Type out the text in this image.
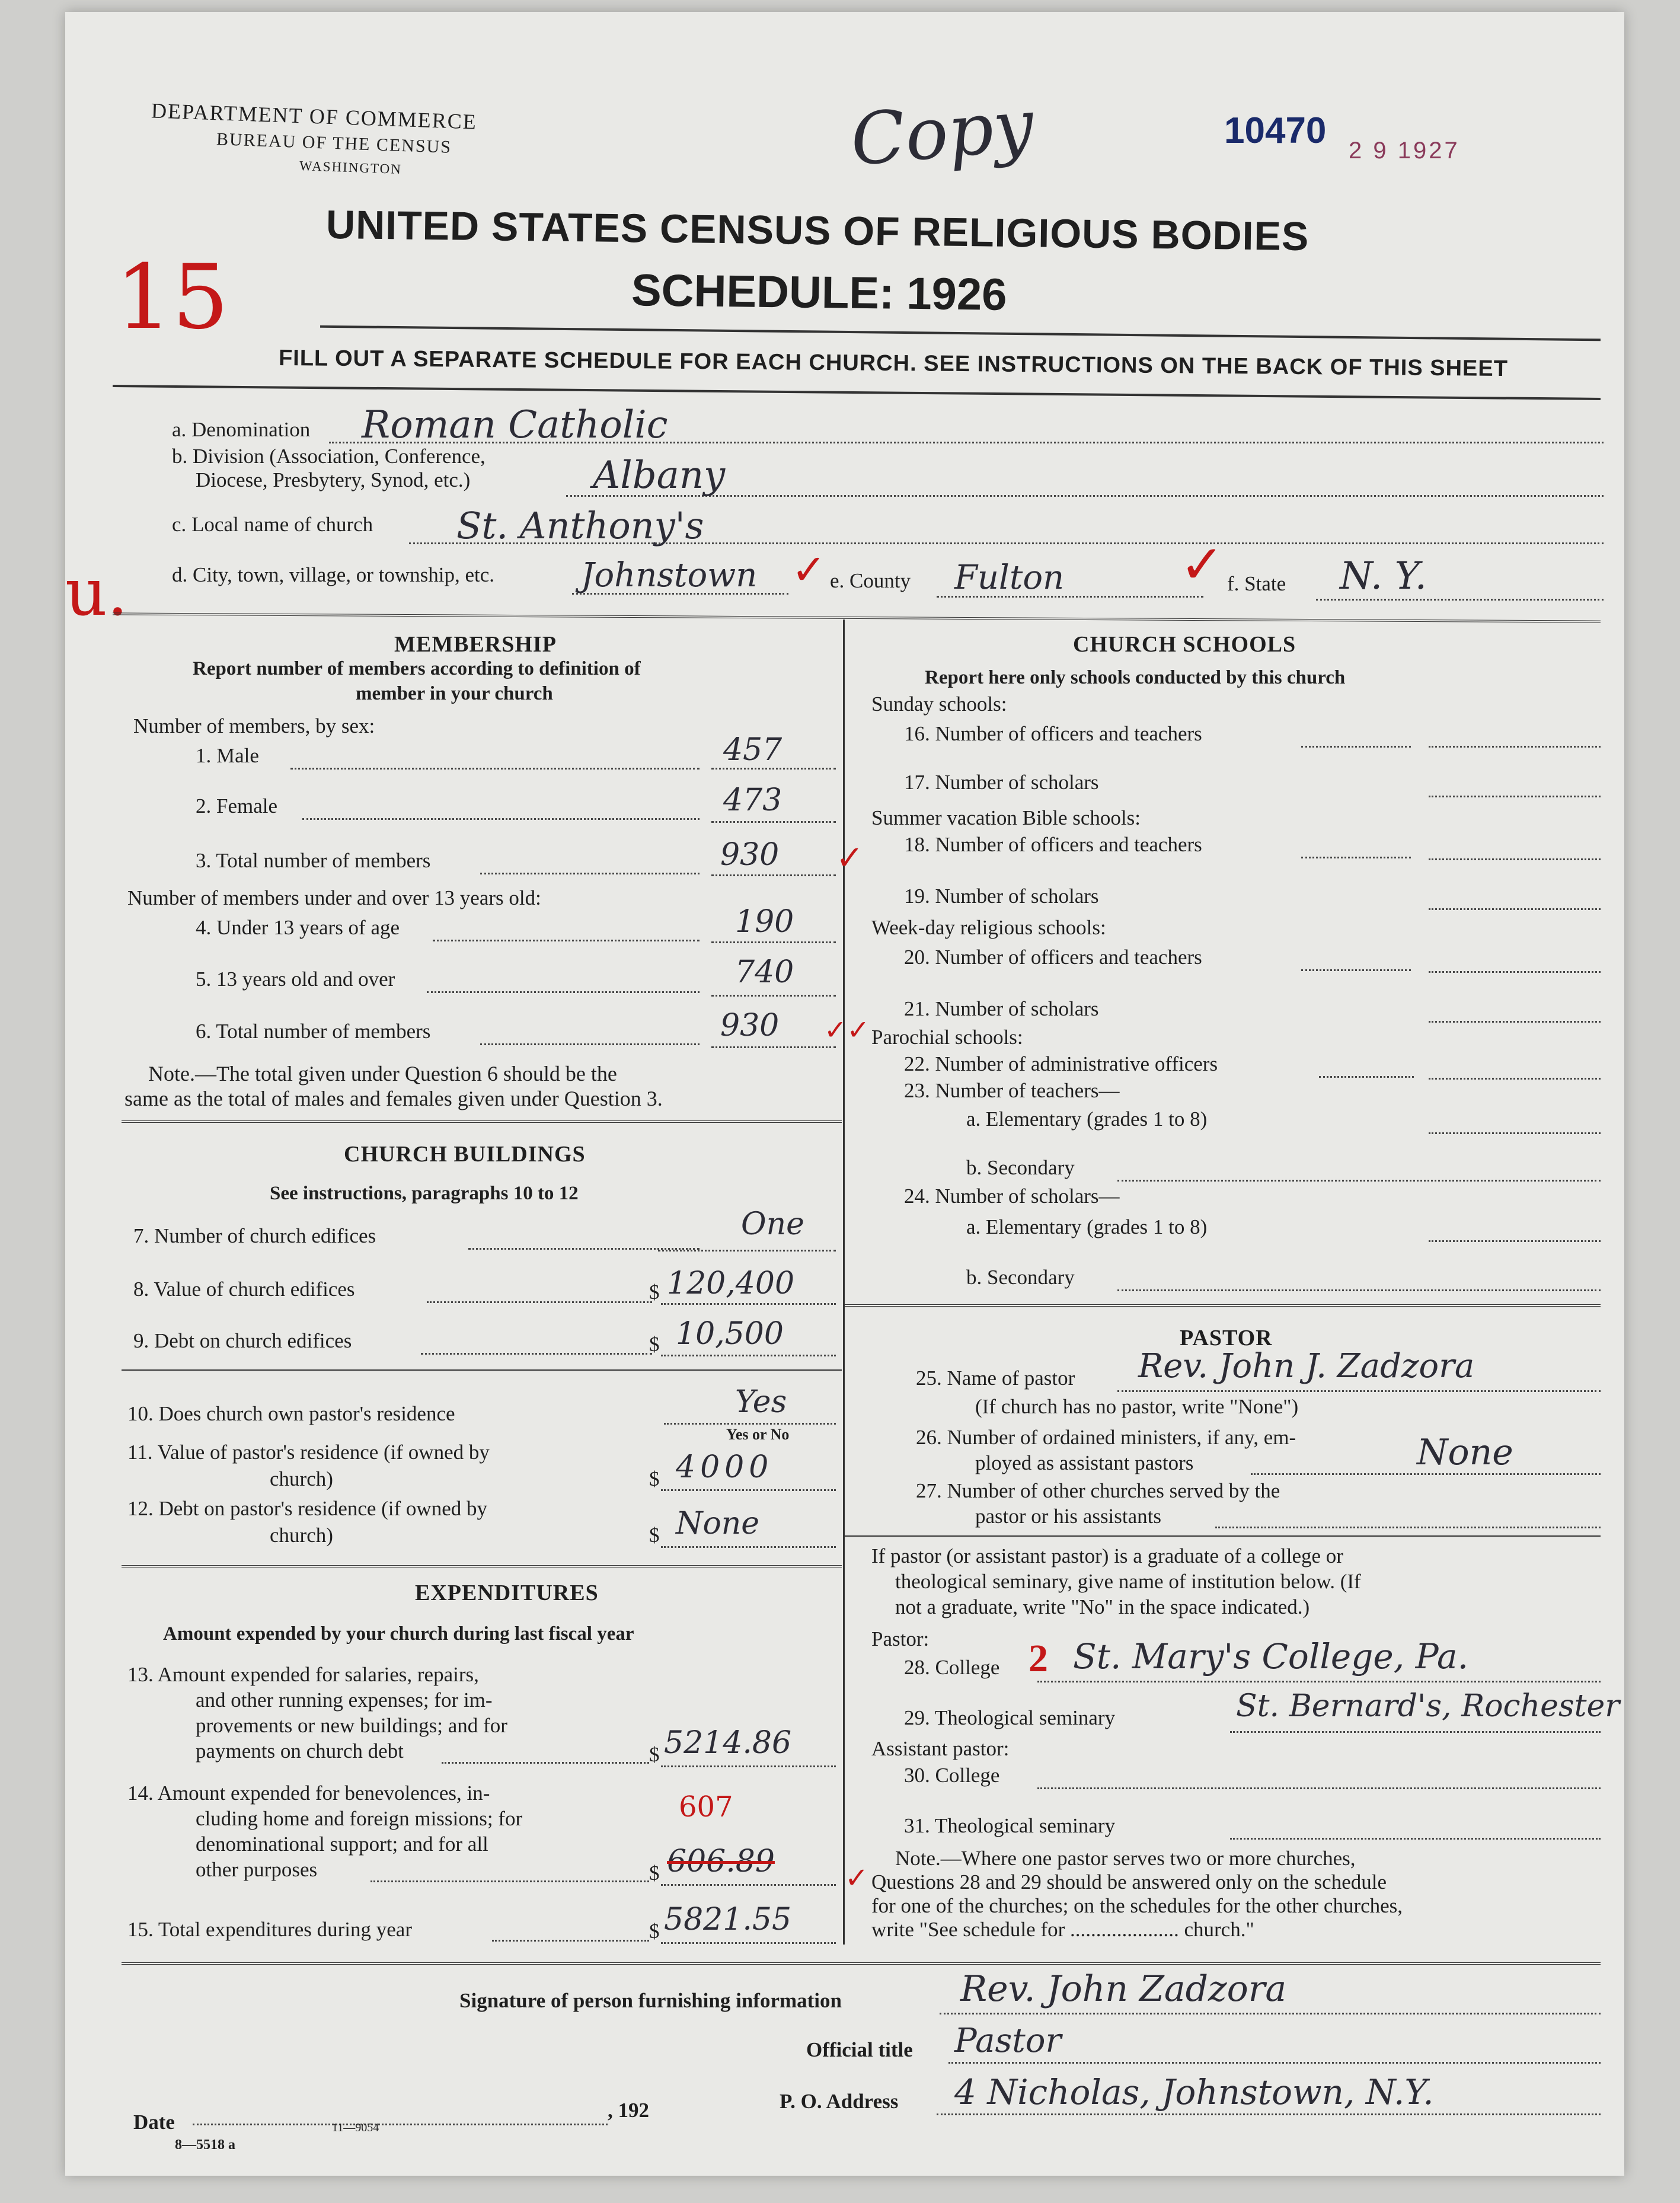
DEPARTMENT OF COMMERCE
BUREAU OF THE CENSUS
WASHINGTON	Copy	10470 2 9 1927
UNITED STATES CENSUS OF RELIGIOUS BODIES
SCHEDULE: 1926
15
u.
FILL OUT A SEPARATE SCHEDULE FOR EACH CHURCH. SEE INSTRUCTIONS ON THE BACK OF THIS SHEET
a. Denomination Roman Catholic
b. Division (Association, Conference,
Diocese, Presbytery, Synod, etc.)	Albany
c. Local name of church St. Anthony's
d. City, town, village, or township, etc.	Johnstown ✓ e. County Fulton ✓ f. State N. Y.
MEMBERSHIP
Report number of members according to definition of
member in your church
Number of members, by sex:
1. Male	457
2. Female	473
3. Total number of members	930 ✓
Number of members under and over 13 years old:
4. Under 13 years of age	190
5. 13 years old and over	740
6. Total number of members	930 ✓✓
Note.—The total given under Question 6 should be the
same as the total of males and females given under Question 3.
CHURCH BUILDINGS
See instructions, paragraphs 10 to 12
7. Number of church edifices	One
8. Value of church edifices	$ 120,400
9. Debt on church edifices	$ 10,500
10. Does church own pastor's residence	Yes
Yes or No
11. Value of pastor's residence (if owned by
church)	$ 4000
12. Debt on pastor's residence (if owned by
church)	$ None
EXPENDITURES
Amount expended by your church during last fiscal year
13. Amount expended for salaries, repairs,
and other running expenses; for im-
provements or new buildings; and for
payments on church debt	$ 5214.86
14. Amount expended for benevolences, in-
cluding home and foreign missions; for
denominational support; and for all
other purposes
607
$ 606.89 ✓
15. Total expenditures during year	$ 5821.55
CHURCH SCHOOLS
Report here only schools conducted by this church
Sunday schools:
16. Number of officers and teachers
17. Number of scholars
Summer vacation Bible schools:
18. Number of officers and teachers
19. Number of scholars
Week-day religious schools:
20. Number of officers and teachers
21. Number of scholars
Parochial schools:
22. Number of administrative officers
23. Number of teachers—
a. Elementary (grades 1 to 8)
b. Secondary
24. Number of scholars—
a. Elementary (grades 1 to 8)
b. Secondary
PASTOR
25. Name of pastor Rev. John J. Zadzora
(If church has no pastor, write "None")
26. Number of ordained ministers, if any, em-
ployed as assistant pastors	None
27. Number of other churches served by the
pastor or his assistants
If pastor (or assistant pastor) is a graduate of a college or
theological seminary, give name of institution below. (If
not a graduate, write "No" in the space indicated.)
Pastor:
28. College 2 St. Mary's College, Pa.
29. Theological seminary	St. Bernard's, Rochester
Assistant pastor:
30. College
31. Theological seminary
Note.—Where one pastor serves two or more churches,
Questions 28 and 29 should be answered only on the schedule
for one of the churches; on the schedules for the other churches,
write "See schedule for ..................... church."
Signature of person furnishing information	Rev. John Zadzora
Official title Pastor
Date
, 192	P. O. Address 4 Nicholas, Johnstown, N.Y.
8—5518 a
11—9054
